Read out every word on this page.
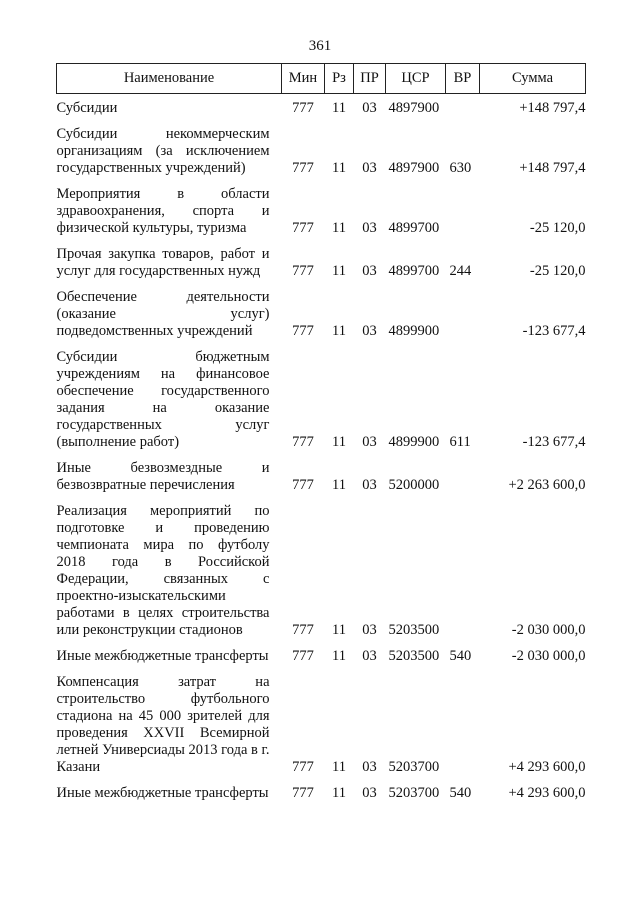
361
Наименование	Мин	Рз	ПР	ЦСР	ВР	Сумма
Субсидии	777	11	03	4897900		+148 797,4
Субсидии некоммерческим организациям (за исключением государственных учреждений)	777	11	03	4897900	630	+148 797,4
Мероприятия в области здравоохранения, спорта и физической культуры, туризма	777	11	03	4899700		-25 120,0
Прочая закупка товаров, работ и услуг для государственных нужд	777	11	03	4899700	244	-25 120,0
Обеспечение деятельности (оказание услуг) подведомственных учреждений	777	11	03	4899900		-123 677,4
Субсидии бюджетным учреждениям на финансовое обеспечение государственного задания на оказание государственных услуг (выполнение работ)	777	11	03	4899900	611	-123 677,4
Иные безвозмездные и безвозвратные перечисления	777	11	03	5200000		+2 263 600,0
Реализация мероприятий по подготовке и проведению чемпионата мира по футболу 2018 года в Российской Федерации, связанных с проектно-изыскательскими работами в целях строительства или реконструкции стадионов	777	11	03	5203500		-2 030 000,0
Иные межбюджетные трансферты	777	11	03	5203500	540	-2 030 000,0
Компенсация затрат на строительство футбольного стадиона на 45 000 зрителей для проведения XXVII Всемирной летней Универсиады 2013 года в г. Казани	777	11	03	5203700		+4 293 600,0
Иные межбюджетные трансферты	777	11	03	5203700	540	+4 293 600,0
